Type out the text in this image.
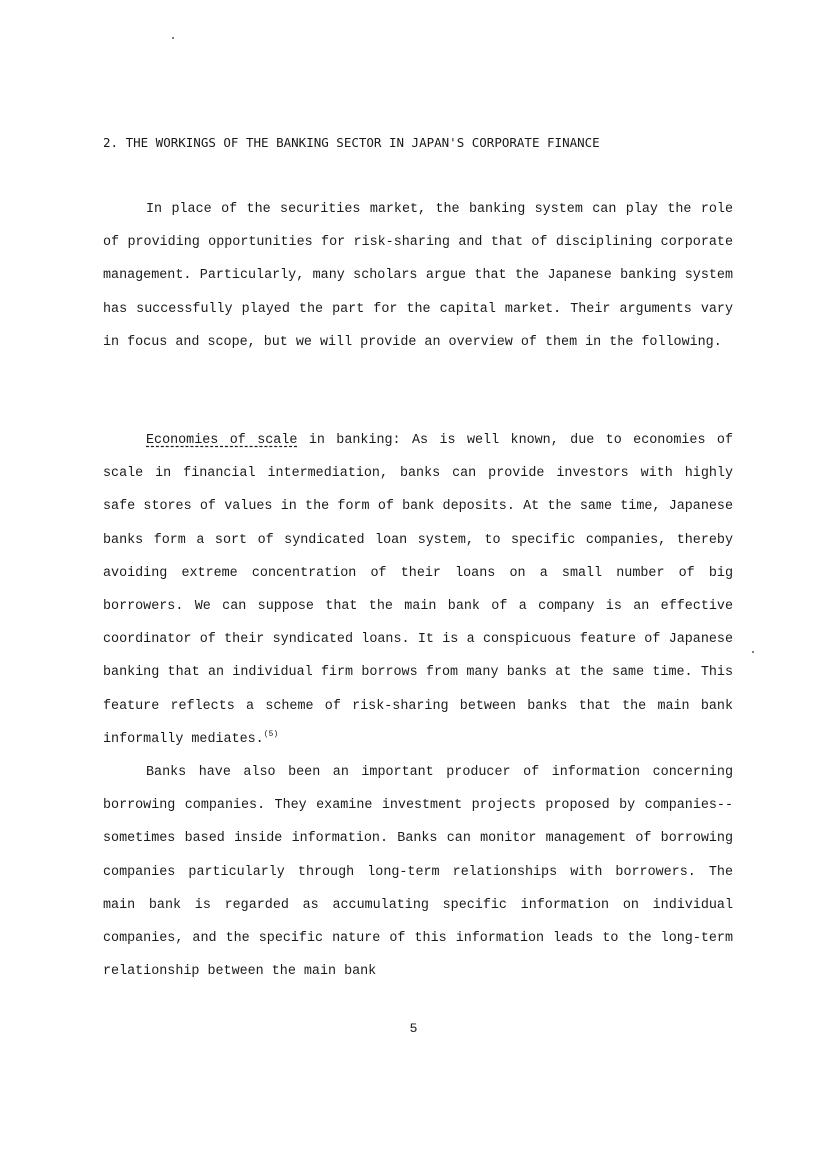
2. THE WORKINGS OF THE BANKING SECTOR IN JAPAN'S CORPORATE FINANCE

In place of the securities market, the banking system can play the role of providing opportunities for risk-sharing and that of disciplining corporate management. Particularly, many scholars argue that the Japanese banking system has successfully played the part for the capital market. Their arguments vary in focus and scope, but we will provide an overview of them in the following.

Economies of scale in banking: As is well known, due to economies of scale in financial intermediation, banks can provide investors with highly safe stores of values in the form of bank deposits. At the same time, Japanese banks form a sort of syndicated loan system, to specific companies, thereby avoiding extreme concentration of their loans on a small number of big borrowers. We can suppose that the main bank of a company is an effective coordinator of their syndicated loans. It is a conspicuous feature of Japanese banking that an individual firm borrows from many banks at the same time. This feature reflects a scheme of risk-sharing between banks that the main bank informally mediates.$^{(5)}$

Banks have also been an important producer of information concerning borrowing companies. They examine investment projects proposed by companies--sometimes based inside information. Banks can monitor management of borrowing companies particularly through long-term relationships with borrowers. The main bank is regarded as accumulating specific information on individual companies, and the specific nature of this information leads to the long-term relationship between the main bank

5
